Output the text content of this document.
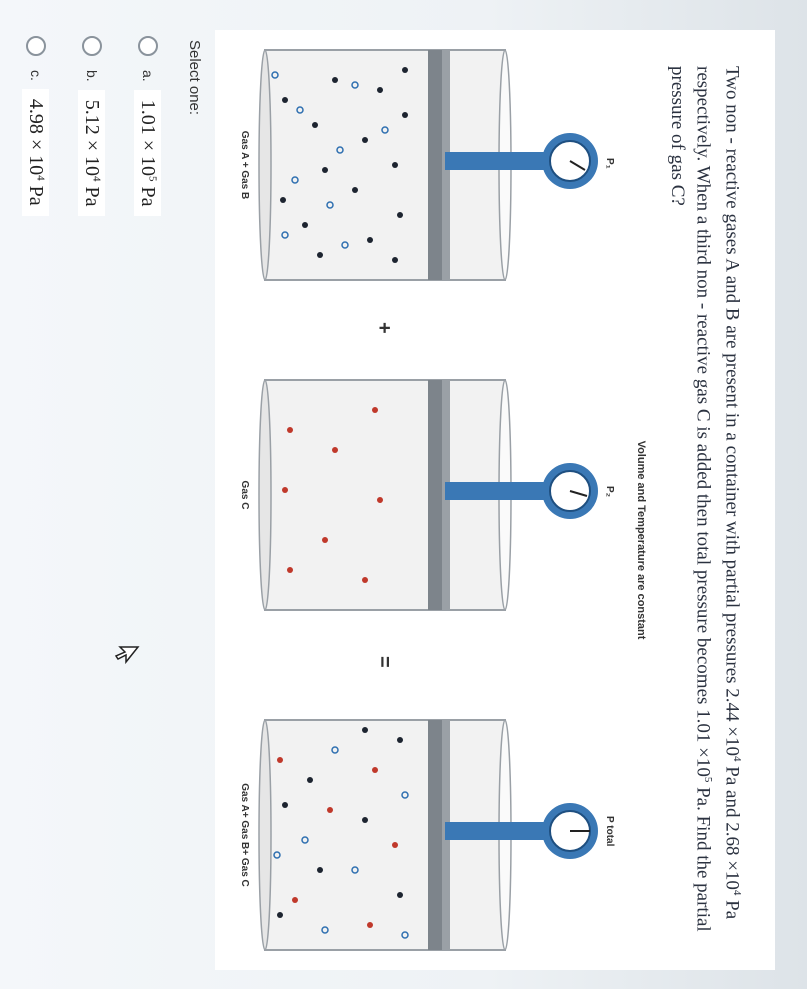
Two non - reactive gases A and B are present in a container with partial pressures $2.44 \times 10^4$ Pa and $2.68 \times 10^4$ Pa respectively. When a third non - reactive gas C is added then total pressure becomes $1.01 \times 10^5$ Pa. Find the partial pressure of gas C?
Volume and Temperature are constant
P₁
P₂
P total
+
=
Gas A + Gas B
Gas C
Gas A+ Gas B+ Gas C
Select one:
a.
$1.01 \times 10^5$ Pa
b.
$5.12 \times 10^4$ Pa
c.
$4.98 \times 10^4$ Pa
